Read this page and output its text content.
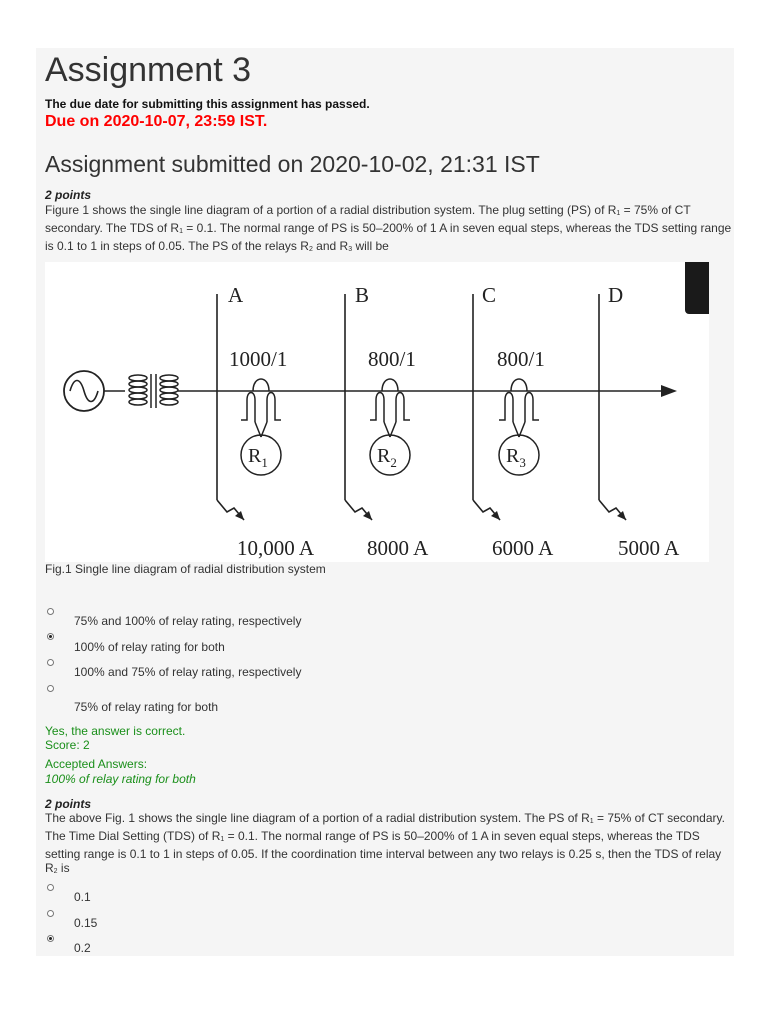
Assignment 3
The due date for submitting this assignment has passed.
Due on 2020-10-07, 23:59 IST.
Assignment submitted on 2020-10-02, 21:31 IST
2 points
Figure 1 shows the single line diagram of a portion of a radial distribution system. The plug setting (PS) of $R_1 = 75\%$ of CT secondary. The TDS of $R_1 = 0.1$. The normal range of PS is 50–200% of 1 A in seven equal steps, whereas the TDS setting range is 0.1 to 1 in steps of 0.05. The PS of the relays $R_2$ and $R_3$ will be
A	B	C	D
1000/1	800/1	800/1
$R_1$	$R_2$	$R_3$
10,000 A	8000 A	6000 A	5000 A
Fig.1 Single line diagram of radial distribution system
75% and 100% of relay rating, respectively
100% of relay rating for both
100% and 75% of relay rating, respectively
75% of relay rating for both
Yes, the answer is correct.
Score: 2
Accepted Answers:
100% of relay rating for both
2 points
The above Fig. 1 shows the single line diagram of a portion of a radial distribution system. The PS of $R_1 = 75\%$ of CT secondary. The Time Dial Setting (TDS) of $R_1 = 0.1$. The normal range of PS is 50–200% of 1 A in seven equal steps, whereas the TDS setting range is 0.1 to 1 in steps of 0.05. If the coordination time interval between any two relays is 0.25 s, then the TDS of relay $R_2$ is
0.1
0.15
0.2
